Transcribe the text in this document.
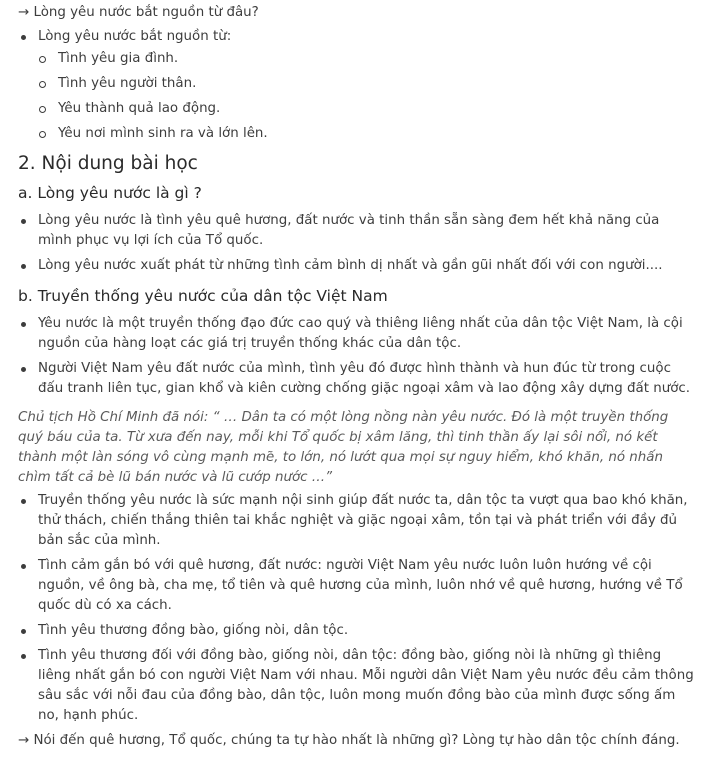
→ Lòng yêu nước bắt nguồn từ đâu?

Lòng yêu nước bắt nguồn từ:
Tình yêu gia đình.
Tình yêu người thân.
Yêu thành quả lao động.
Yêu nơi mình sinh ra và lớn lên.
2. Nội dung bài học
a. Lòng yêu nước là gì ?
Lòng yêu nước là tình yêu quê hương, đất nước và tinh thần sẵn sàng đem hết khả năng của mình phục vụ lợi ích của Tổ quốc.
Lòng yêu nước xuất phát từ những tình cảm bình dị nhất và gần gũi nhất đối với con người....
b. Truyền thống yêu nước của dân tộc Việt Nam
Yêu nước là một truyền thống đạo đức cao quý và thiêng liêng nhất của dân tộc Việt Nam, là cội nguồn của hàng loạt các giá trị truyền thống khác của dân tộc.
Người Việt Nam yêu đất nước của mình, tình yêu đó được hình thành và hun đúc từ trong cuộc đấu tranh liên tục, gian khổ và kiên cường chống giặc ngoại xâm và lao động xây dựng đất nước.

Chủ tịch Hồ Chí Minh đã nói: “ … Dân ta có một lòng nồng nàn yêu nước. Đó là một truyền thống quý báu của ta. Từ xưa đến nay, mỗi khi Tổ quốc bị xâm lăng, thì tinh thần ấy lại sôi nổi, nó kết thành một làn sóng vô cùng mạnh mẽ, to lớn, nó lướt qua mọi sự nguy hiểm, khó khăn, nó nhấn chìm tất cả bè lũ bán nước và lũ cướp nước …”

Truyền thống yêu nước là sức mạnh nội sinh giúp đất nước ta, dân tộc ta vượt qua bao khó khăn, thử thách, chiến thắng thiên tai khắc nghiệt và giặc ngoại xâm, tồn tại và phát triển với đầy đủ bản sắc của mình.
Tình cảm gắn bó với quê hương, đất nước: người Việt Nam yêu nước luôn luôn hướng về cội nguồn, về ông bà, cha mẹ, tổ tiên và quê hương của mình, luôn nhớ về quê hương, hướng về Tổ quốc dù có xa cách.
Tình yêu thương đồng bào, giống nòi, dân tộc.
Tình yêu thương đối với đồng bào, giống nòi, dân tộc: đồng bào, giống nòi là những gì thiêng liêng nhất gắn bó con người Việt Nam với nhau. Mỗi người dân Việt Nam yêu nước đều cảm thông sâu sắc với nỗi đau của đồng bào, dân tộc, luôn mong muốn đồng bào của mình được sống ấm no, hạnh phúc.

→ Nói đến quê hương, Tổ quốc, chúng ta tự hào nhất là những gì? Lòng tự hào dân tộc chính đáng.
